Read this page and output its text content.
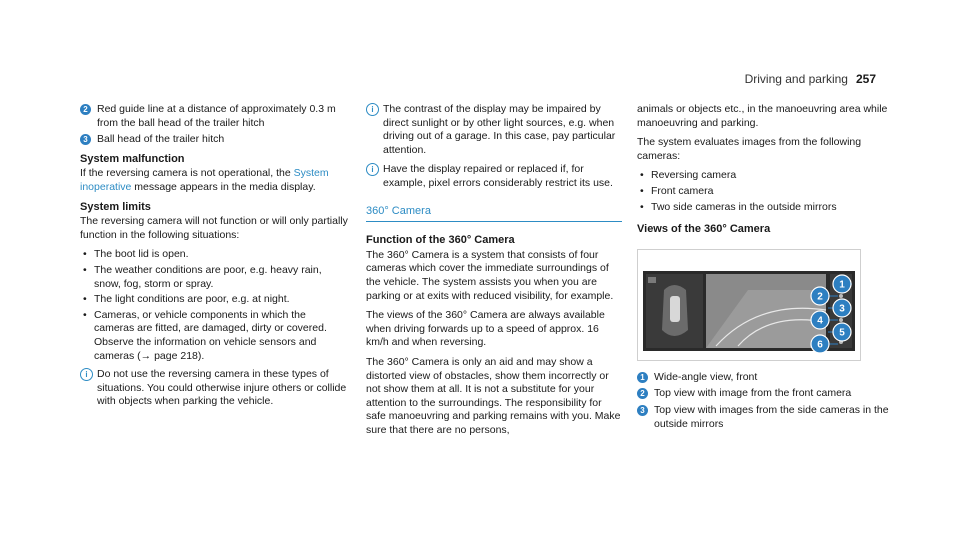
Driving and parking 257
2 Red guide line at a distance of approximately 0.3 m from the ball head of the trailer hitch
3 Ball head of the trailer hitch
System malfunction

If the reversing camera is not operational, the System inoperative message appears in the media display.

System limits

The reversing camera will not function or will only partially function in the following situations:

• The boot lid is open.
• The weather conditions are poor, e.g. heavy rain, snow, fog, storm or spray.
• The light conditions are poor, e.g. at night.
• Cameras, or vehicle components in which the cameras are fitted, are damaged, dirty or covered. Observe the information on vehicle sensors and cameras (→ page 218).
i Do not use the reversing camera in these types of situations. You could otherwise injure others or collide with objects when parking the vehicle.
i The contrast of the display may be impaired by direct sunlight or by other light sources, e.g. when driving out of a garage. In this case, pay particular attention.
i Have the display repaired or replaced if, for example, pixel errors considerably restrict its use.
360° Camera
Function of the 360° Camera

The 360° Camera is a system that consists of four cameras which cover the immediate surroundings of the vehicle. The system assists you when you are parking or at exits with reduced visibility, for example.

The views of the 360° Camera are always available when driving forwards up to a speed of approx. 16 km/h and when reversing.

The 360° Camera is only an aid and may show a distorted view of obstacles, show them incorrectly or not show them at all. It is not a substitute for your attention to the surroundings. The responsibility for safe manoeuvring and parking remains with you. Make sure that there are no persons,

animals or objects etc., in the manoeuvring area while manoeuvring and parking.

The system evaluates images from the following cameras:

• Reversing camera
• Front camera
• Two side cameras in the outside mirrors
Views of the 360° Camera
1
2
3
4
5
6
1 Wide-angle view, front
2 Top view with image from the front camera
3 Top view with images from the side cameras in the outside mirrors
